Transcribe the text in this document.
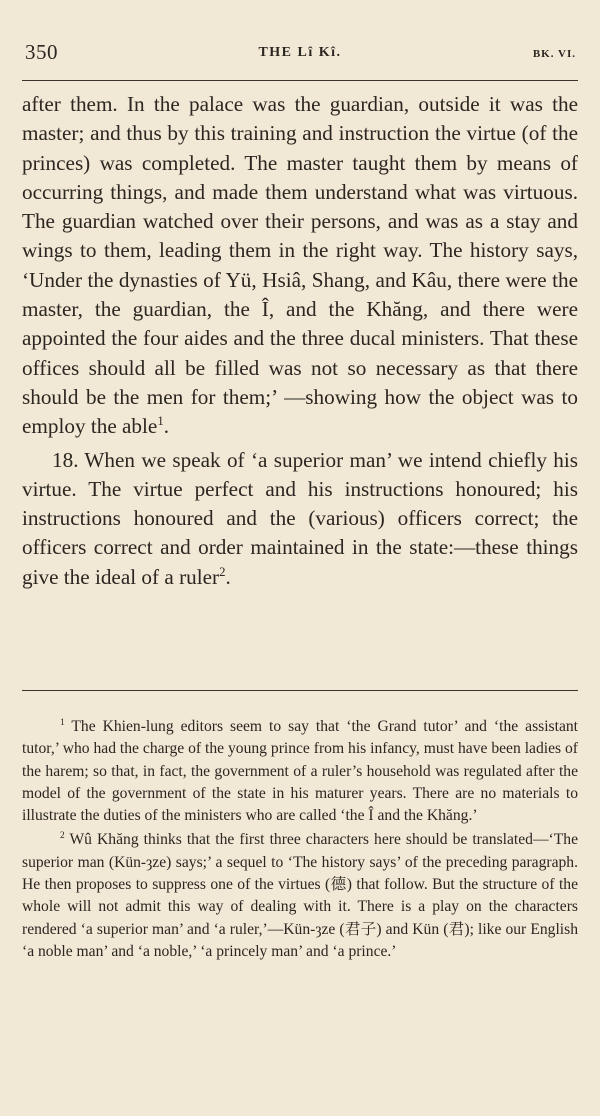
350	THE Lî Kî.	BK. VI.

after them. In the palace was the guardian, outside it was the master; and thus by this training and instruction the virtue (of the princes) was completed. The master taught them by means of occurring things, and made them understand what was virtuous. The guardian watched over their persons, and was as a stay and wings to them, leading them in the right way. The history says, ‘Under the dynasties of Yü, Hsiâ, Shang, and Kâu, there were the master, the guardian, the Î, and the Khăng, and there were appointed the four aides and the three ducal ministers. That these offices should all be filled was not so necessary as that there should be the men for them;’ —showing how the object was to employ the able$^1$.

18. When we speak of ‘a superior man’ we intend chiefly his virtue. The virtue perfect and his instructions honoured; his instructions honoured and the (various) officers correct; the officers correct and order maintained in the state:—these things give the ideal of a ruler$^2$.

$^1$ The Khien-lung editors seem to say that ‘the Grand tutor’ and ‘the assistant tutor,’ who had the charge of the young prince from his infancy, must have been ladies of the harem; so that, in fact, the government of a ruler’s household was regulated after the model of the government of the state in his maturer years. There are no materials to illustrate the duties of the ministers who are called ‘the Î and the Khăng.’

$^2$ Wû Khăng thinks that the first three characters here should be translated—‘The superior man (Kün-ȝze) says;’ a sequel to ‘The history says’ of the preceding paragraph. He then proposes to suppress one of the virtues (德) that follow. But the structure of the whole will not admit this way of dealing with it. There is a play on the characters rendered ‘a superior man’ and ‘a ruler,’—Kün-ȝze (君子) and Kün (君); like our English ‘a noble man’ and ‘a noble,’ ‘a princely man’ and ‘a prince.’
